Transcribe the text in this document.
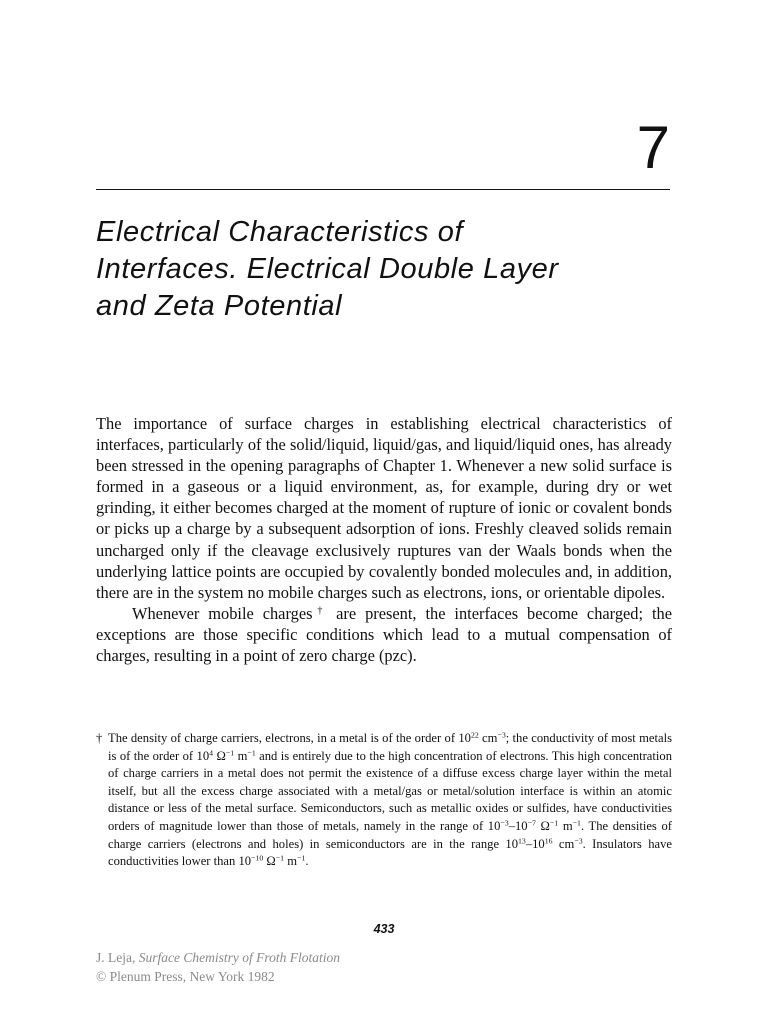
7
Electrical Characteristics of
Interfaces. Electrical Double Layer
and Zeta Potential

The importance of surface charges in establishing electrical characteristics of interfaces, particularly of the solid/liquid, liquid/gas, and liquid/liquid ones, has already been stressed in the opening paragraphs of Chapter 1. Whenever a new solid surface is formed in a gaseous or a liquid environment, as, for example, during dry or wet grinding, it either becomes charged at the moment of rupture of ionic or covalent bonds or picks up a charge by a subsequent adsorption of ions. Freshly cleaved solids remain uncharged only if the cleavage exclusively ruptures van der Waals bonds when the underlying lattice points are occupied by covalently bonded molecules and, in addition, there are in the system no mobile charges such as electrons, ions, or orientable dipoles.

Whenever mobile charges† are present, the interfaces become charged; the exceptions are those specific conditions which lead to a mutual compensation of charges, resulting in a point of zero charge (pzc).

† The density of charge carriers, electrons, in a metal is of the order of $10^{22}$ $cm^{-3}$; the conductivity of most metals is of the order of $10^4$ $\Omega^{-1}$ $m^{-1}$ and is entirely due to the high concentration of electrons. This high concentration of charge carriers in a metal does not permit the existence of a diffuse excess charge layer within the metal itself, but all the excess charge associated with a metal/gas or metal/solution interface is within an atomic distance or less of the metal surface. Semiconductors, such as metallic oxides or sulfides, have conductivities orders of magnitude lower than those of metals, namely in the range of $10^{-3}-10^{-7}$ $\Omega^{-1}$ $m^{-1}$. The densities of charge carriers (electrons and holes) in semiconductors are in the range $10^{13}-10^{16}$ $cm^{-3}$. Insulators have conductivities lower than $10^{-10}$ $\Omega^{-1}$ $m^{-1}$.
433
J. Leja, Surface Chemistry of Froth Flotation
© Plenum Press, New York 1982
